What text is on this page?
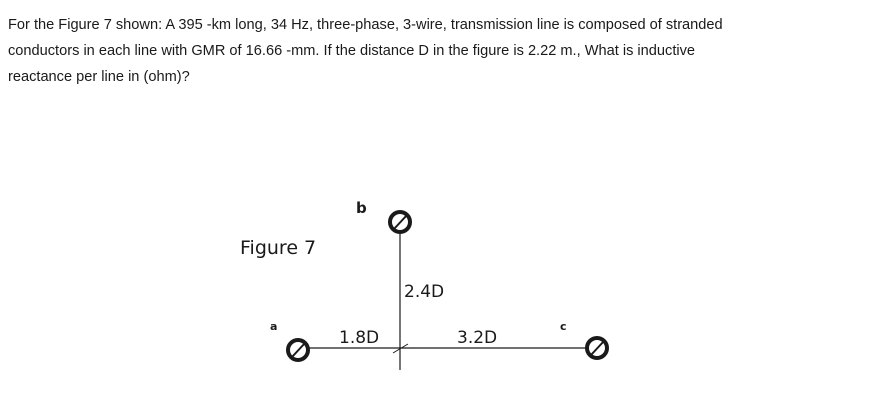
For the Figure 7 shown: A 395 -km long, 34 Hz, three-phase, 3-wire, transmission line is composed of stranded
conductors in each line with GMR of 16.66 -mm. If the distance D in the figure is 2.22 m., What is inductive
reactance per line in (ohm)?
Figure 7
b
a	c
2.4D
1.8D	3.2D
